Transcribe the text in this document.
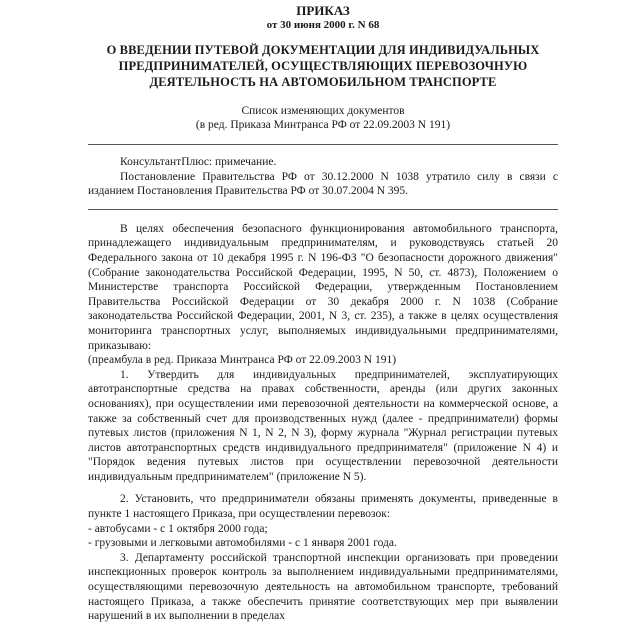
ПРИКАЗ

от 30 июня 2000 г. N 68

О ВВЕДЕНИИ ПУТЕВОЙ ДОКУМЕНТАЦИИ ДЛЯ ИНДИВИДУАЛЬНЫХ
ПРЕДПРИНИМАТЕЛЕЙ, ОСУЩЕСТВЛЯЮЩИХ ПЕРЕВОЗОЧНУЮ
ДЕЯТЕЛЬНОСТЬ НА АВТОМОБИЛЬНОМ ТРАНСПОРТЕ

Список изменяющих документов

(в ред. Приказа Минтранса РФ от 22.09.2003 N 191)

КонсультантПлюс: примечание.

Постановление Правительства РФ от 30.12.2000 N 1038 утратило силу в связи с изданием Постановления Правительства РФ от 30.07.2004 N 395.

В целях обеспечения безопасного функционирования автомобильного транспорта, принадлежащего индивидуальным предпринимателям, и руководствуясь статьей 20 Федерального закона от 10 декабря 1995 г. N 196-ФЗ "О безопасности дорожного движения" (Собрание законодательства Российской Федерации, 1995, N 50, ст. 4873), Положением о Министерстве транспорта Российской Федерации, утвержденным Постановлением Правительства Российской Федерации от 30 декабря 2000 г. N 1038 (Собрание законодательства Российской Федерации, 2001, N 3, ст. 235), а также в целях осуществления мониторинга транспортных услуг, выполняемых индивидуальными предпринимателями, приказываю:

(преамбула в ред. Приказа Минтранса РФ от 22.09.2003 N 191)

1. Утвердить для индивидуальных предпринимателей, эксплуатирующих автотранспортные средства на правах собственности, аренды (или других законных основаниях), при осуществлении ими перевозочной деятельности на коммерческой основе, а также за собственный счет для производственных нужд (далее - предприниматели) формы путевых листов (приложения N 1, N 2, N 3), форму журнала "Журнал регистрации путевых листов автотранспортных средств индивидуального предпринимателя" (приложение N 4) и "Порядок ведения путевых листов при осуществлении перевозочной деятельности индивидуальным предпринимателем" (приложение N 5).

2. Установить, что предприниматели обязаны применять документы, приведенные в пункте 1 настоящего Приказа, при осуществлении перевозок:

- автобусами - с 1 октября 2000 года;

- грузовыми и легковыми автомобилями - с 1 января 2001 года.

3. Департаменту российской транспортной инспекции организовать при проведении инспекционных проверок контроль за выполнением индивидуальными предпринимателями, осуществляющими перевозочную деятельность на автомобильном транспорте, требований настоящего Приказа, а также обеспечить принятие соответствующих мер при выявлении нарушений в их выполнении в пределах
